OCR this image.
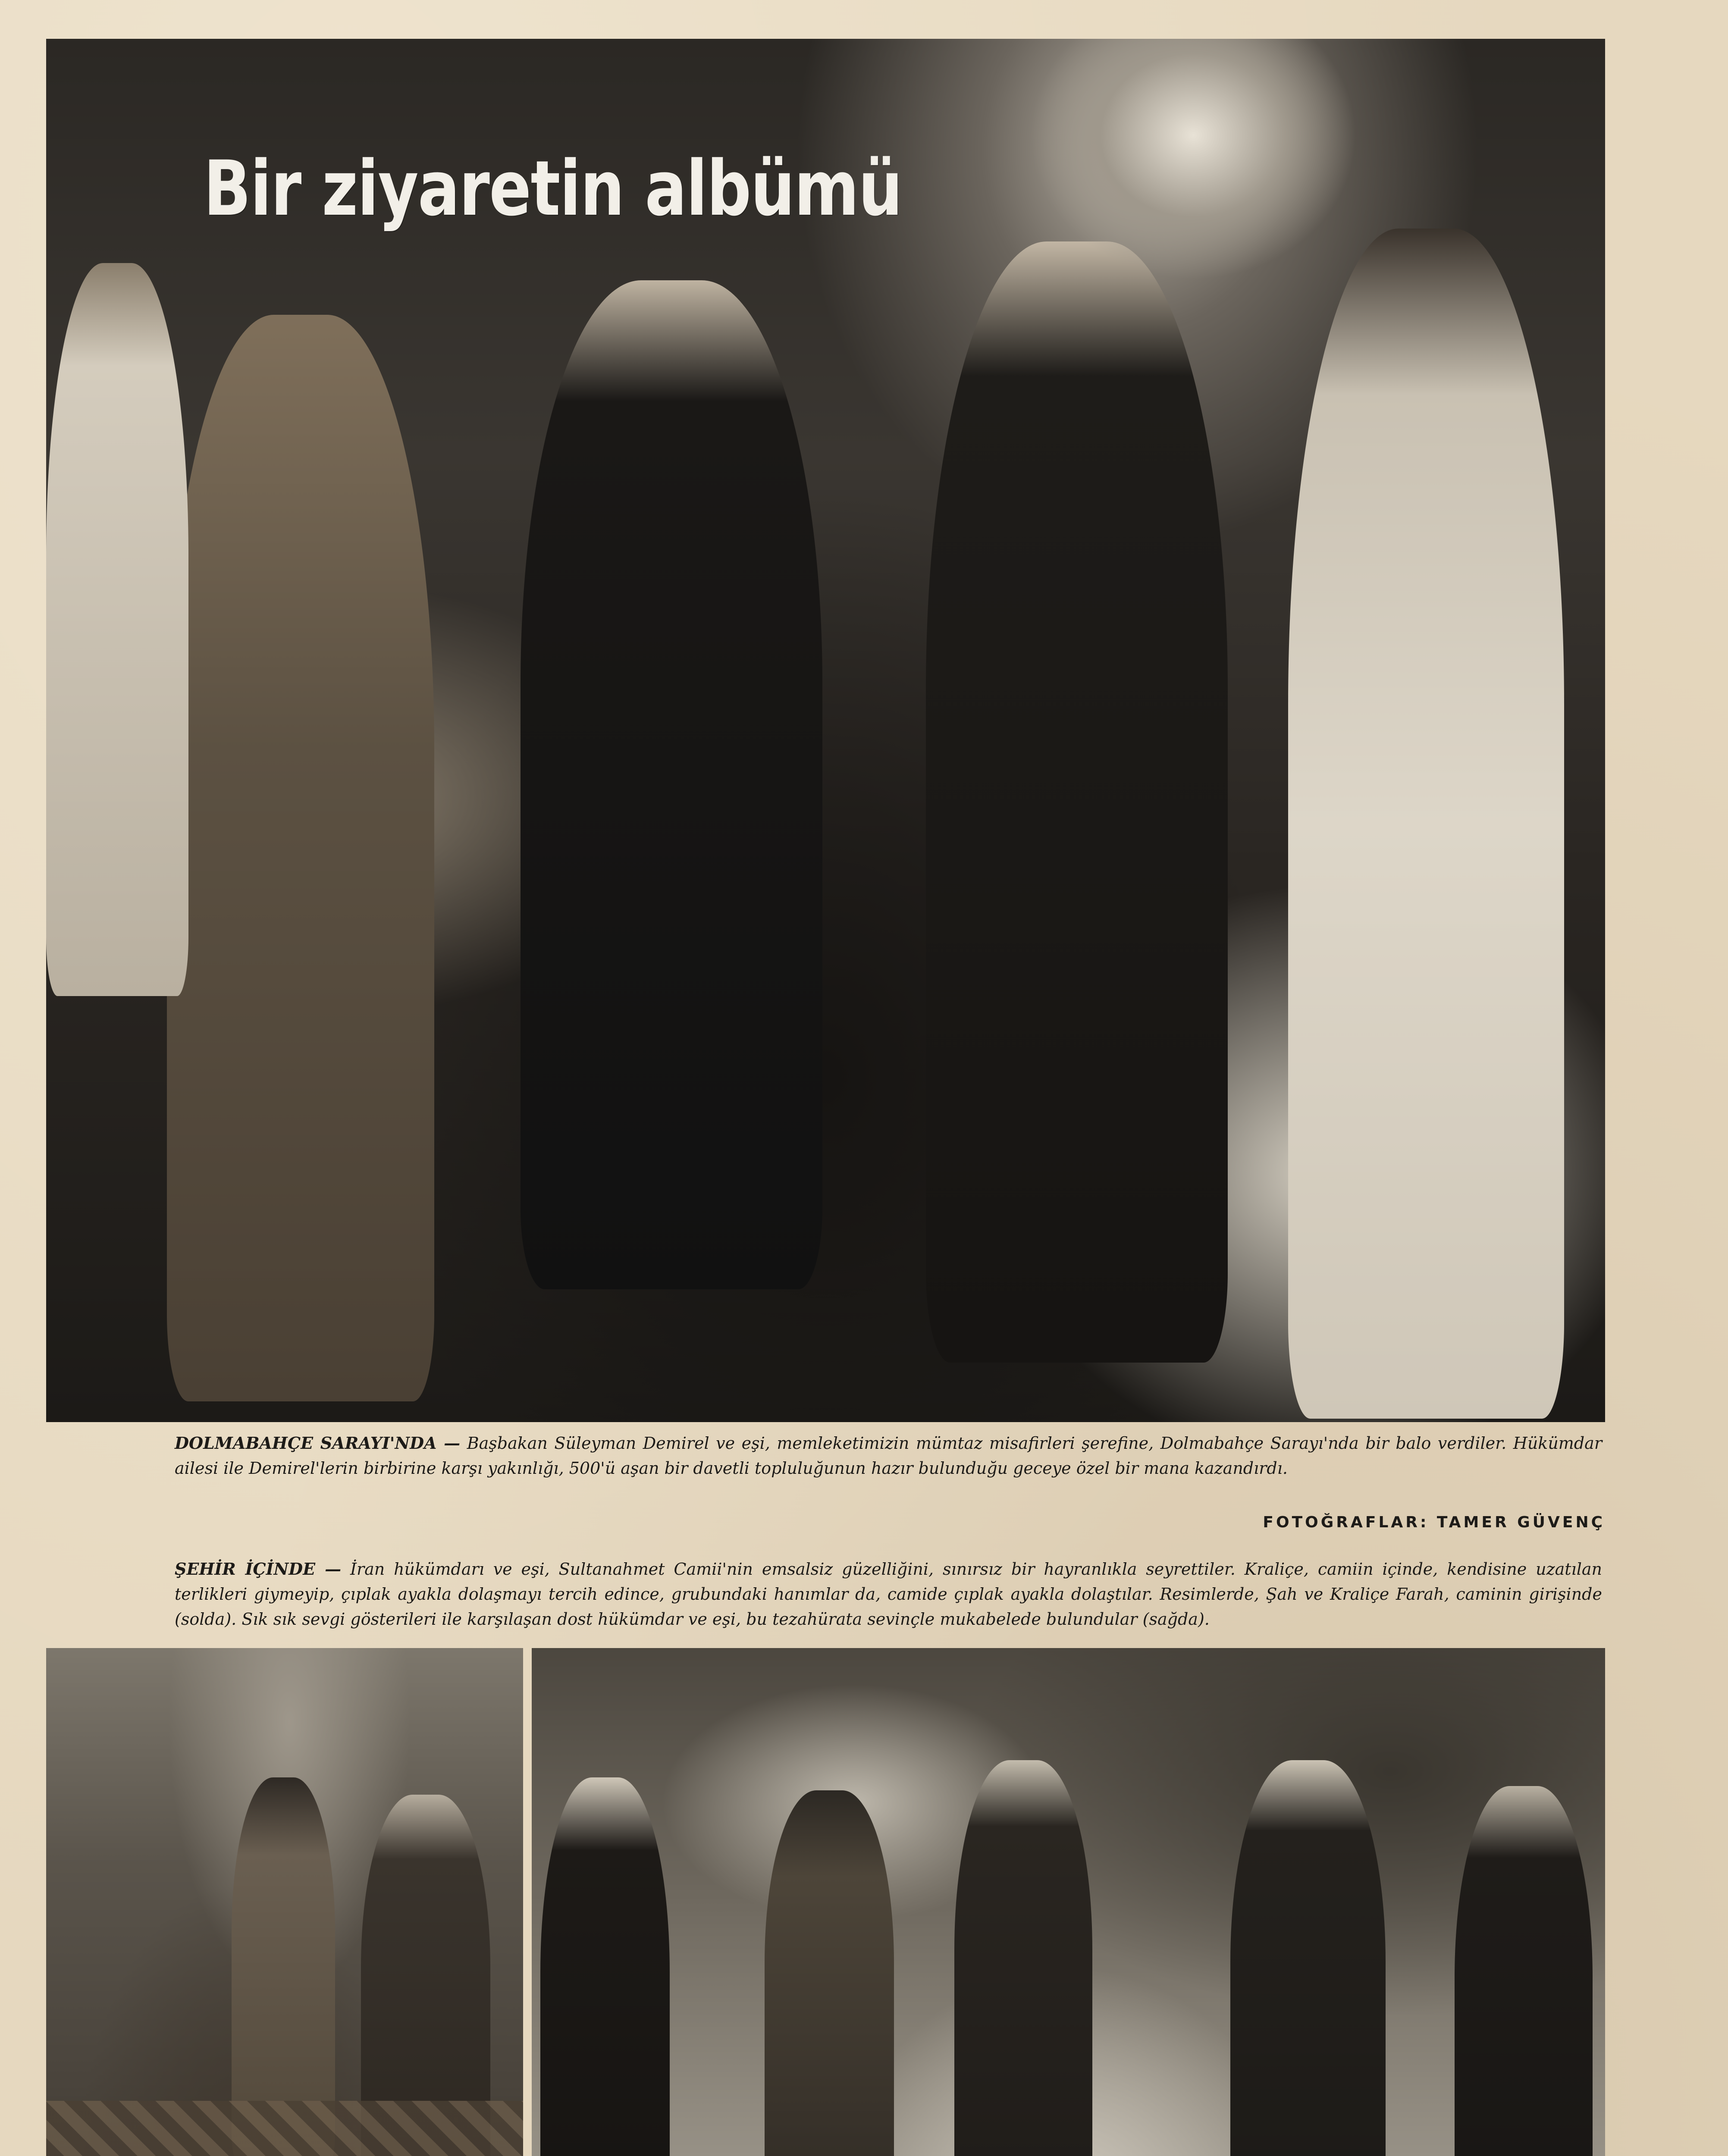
Bir ziyaretin albümü

DOLMABAHÇE SARAYI'NDA — Başbakan Süleyman Demirel ve eşi, memleketimizin mümtaz misafirleri şerefine, Dolmabahçe Sarayı'nda bir balo verdiler. Hükümdar ailesi ile Demirel'lerin birbirine karşı yakınlığı, 500'ü aşan bir davetli topluluğunun hazır bulunduğu geceye özel bir mana kazandırdı.

FOTOĞRAFLAR: TAMER GÜVENÇ

ŞEHİR İÇİNDE — İran hükümdarı ve eşi, Sultanahmet Camii'nin emsalsiz güzelliğini, sınırsız bir hayranlıkla seyrettiler. Kraliçe, camiin içinde, kendisine uzatılan terlikleri giymeyip, çıplak ayakla dolaşmayı tercih edince, grubundaki hanımlar da, camide çıplak ayakla dolaştılar. Resimlerde, Şah ve Kraliçe Farah, caminin girişinde (solda). Sık sık sevgi gösterileri ile karşılaşan dost hükümdar ve eşi, bu tezahürata sevinçle mukabelede bulundular (sağda).
